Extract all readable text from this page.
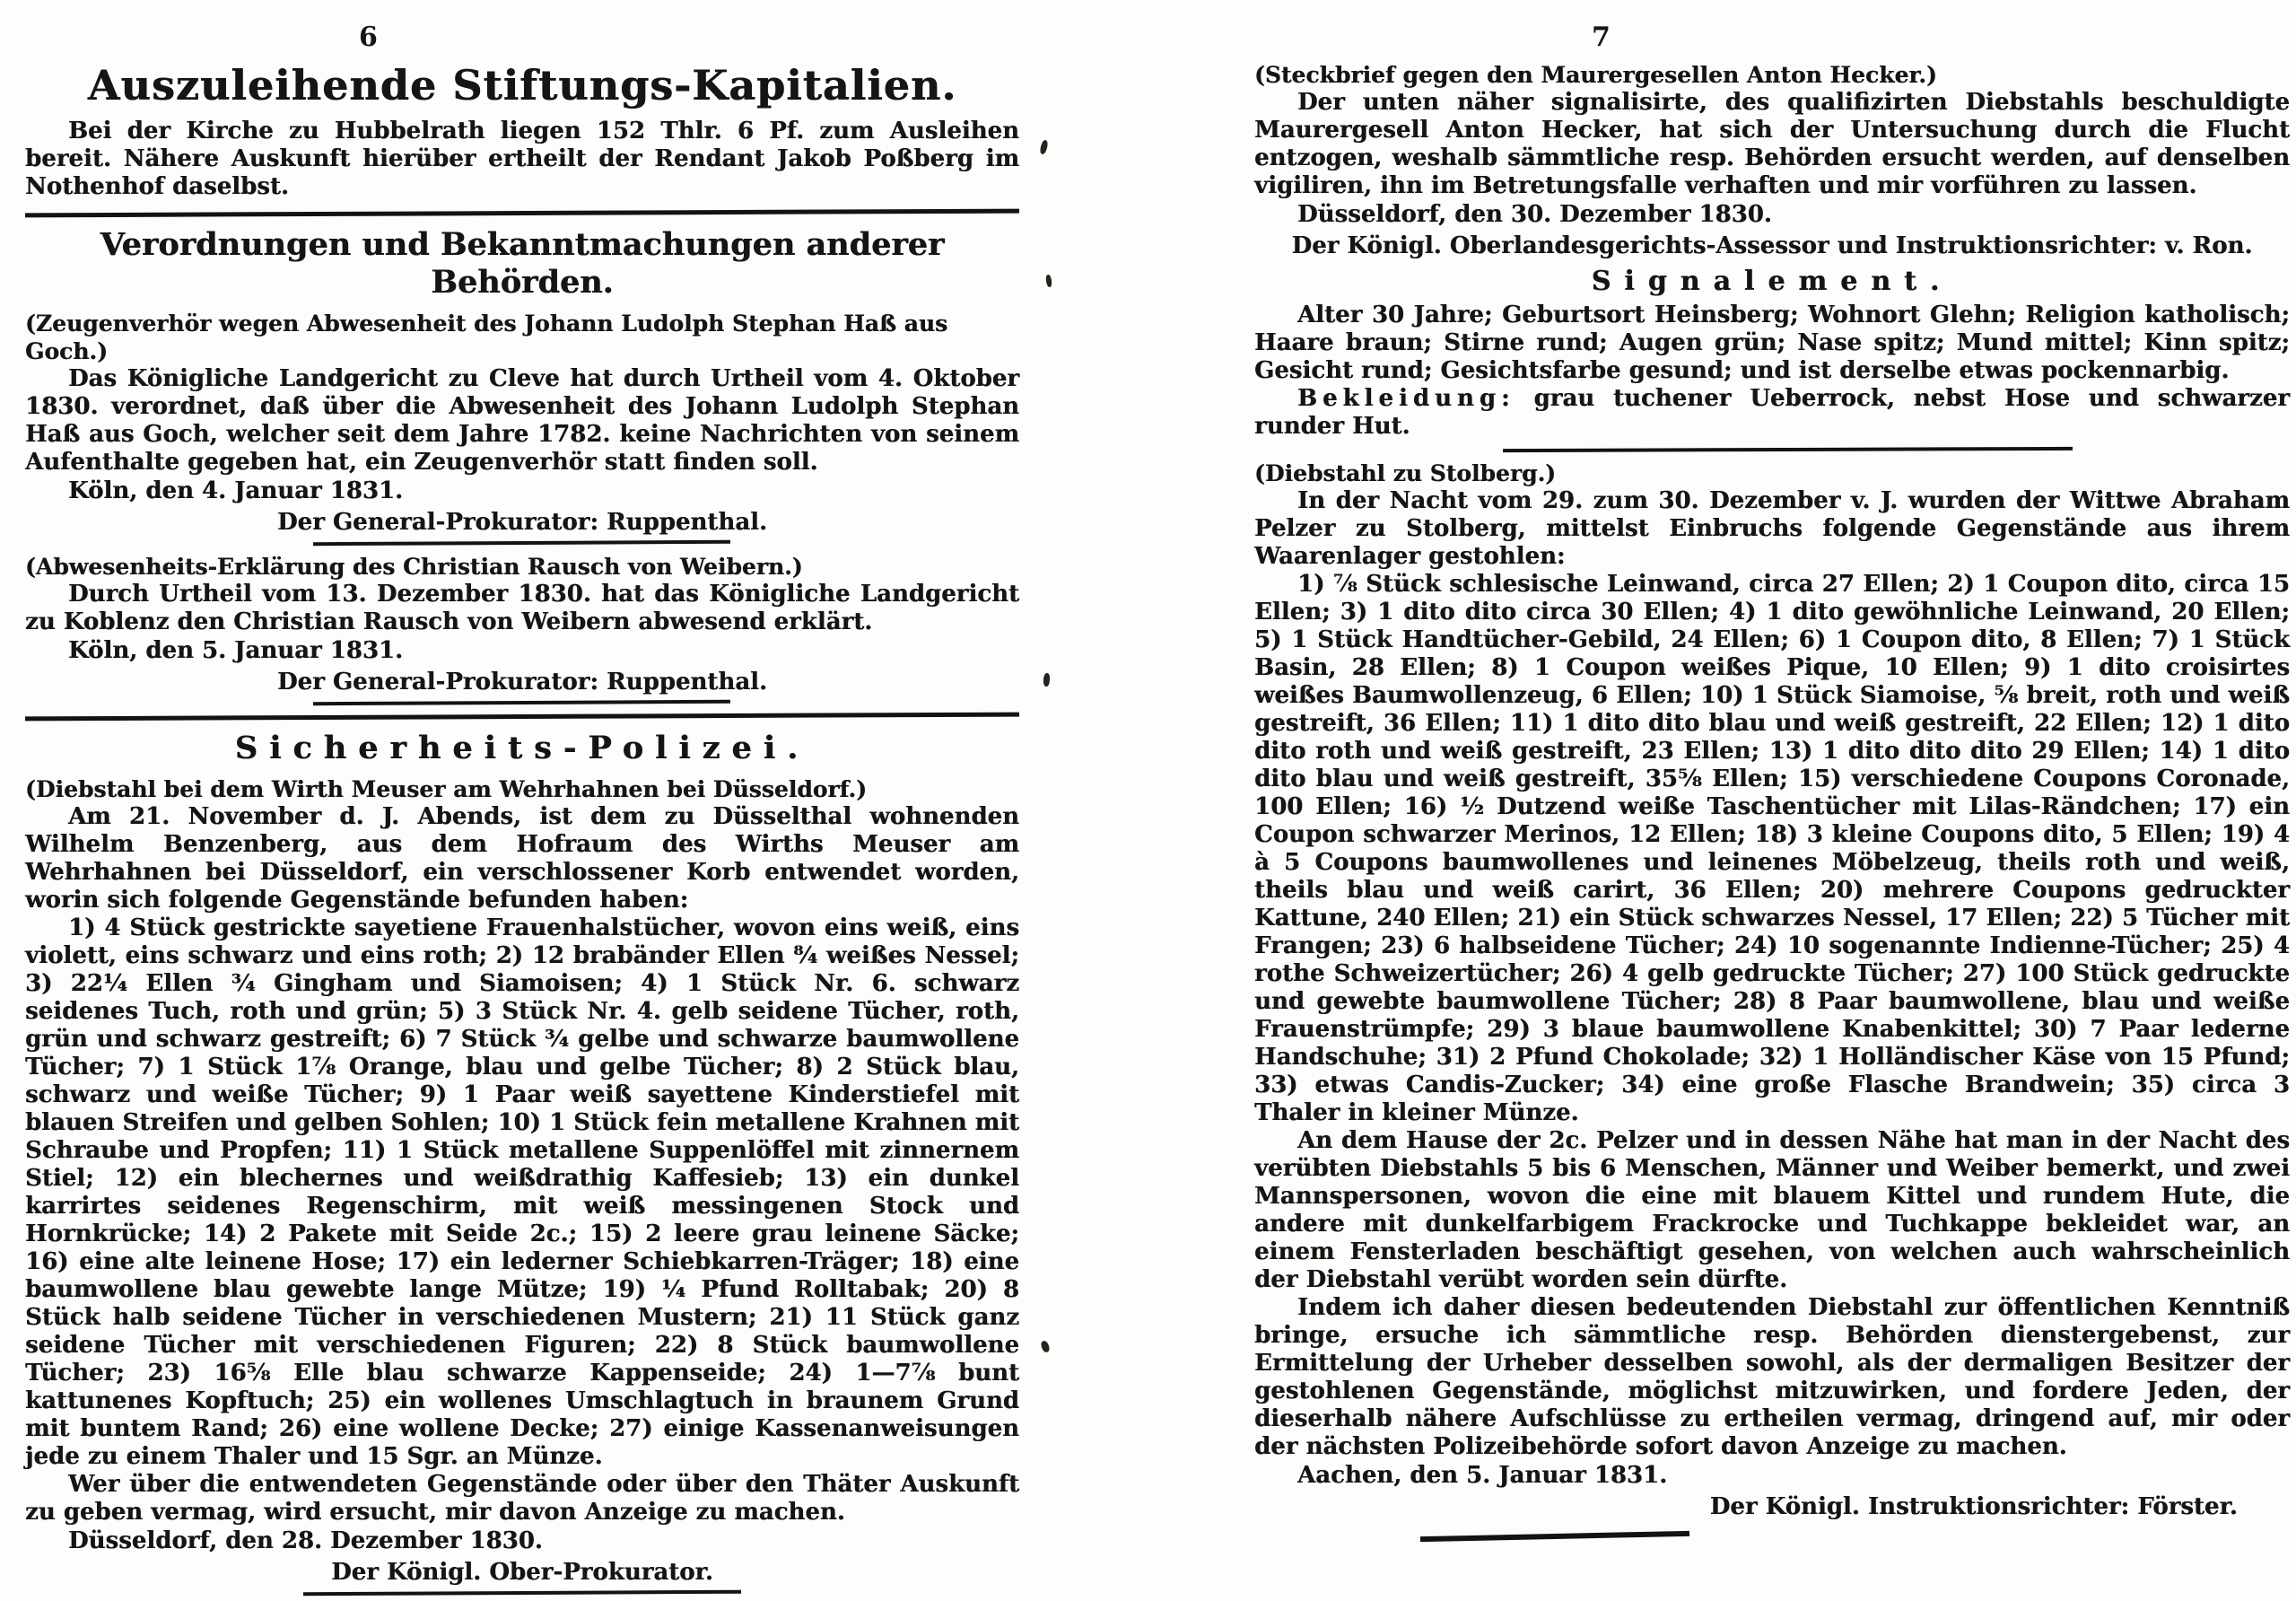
6
Auszuleihende Stiftungs-Kapitalien.

Bei der Kirche zu Hubbelrath liegen 152 Thlr. 6 Pf. zum Ausleihen bereit. Nähere Auskunft hierüber ertheilt der Rendant Jakob Poßberg im Nothenhof daselbst.

Verordnungen und Bekanntmachungen anderer Behörden.

(Zeugenverhör wegen Abwesenheit des Johann Ludolph Stephan Haß aus Goch.)

Das Königliche Landgericht zu Cleve hat durch Urtheil vom 4. Oktober 1830. verordnet, daß über die Abwesenheit des Johann Ludolph Stephan Haß aus Goch, welcher seit dem Jahre 1782. keine Nachrichten von seinem Aufenthalte gegeben hat, ein Zeugenverhör statt finden soll.

Köln, den 4. Januar 1831.

Der General-Prokurator: Ruppenthal.

(Abwesenheits-Erklärung des Christian Rausch von Weibern.)

Durch Urtheil vom 13. Dezember 1830. hat das Königliche Landgericht zu Koblenz den Christian Rausch von Weibern abwesend erklärt.

Köln, den 5. Januar 1831.

Der General-Prokurator: Ruppenthal.

Sicherheits-Polizei.

(Diebstahl bei dem Wirth Meuser am Wehrhahnen bei Düsseldorf.)

Am 21. November d. J. Abends, ist dem zu Düsselthal wohnenden Wilhelm Benzenberg, aus dem Hofraum des Wirths Meuser am Wehrhahnen bei Düsseldorf, ein verschlossener Korb entwendet worden, worin sich folgende Gegenstände befunden haben:

1) 4 Stück gestrickte sayetiene Frauenhalstücher, wovon eins weiß, eins violett, eins schwarz und eins roth; 2) 12 brabänder Ellen ⁸⁄₄ weißes Nessel; 3) 22¼ Ellen ¾ Gingham und Siamoisen; 4) 1 Stück Nr. 6. schwarz seidenes Tuch, roth und grün; 5) 3 Stück Nr. 4. gelb seidene Tücher, roth, grün und schwarz gestreift; 6) 7 Stück ¾ gelbe und schwarze baumwollene Tücher; 7) 1 Stück 1⅞ Orange, blau und gelbe Tücher; 8) 2 Stück blau, schwarz und weiße Tücher; 9) 1 Paar weiß sayettene Kinderstiefel mit blauen Streifen und gelben Sohlen; 10) 1 Stück fein metallene Krahnen mit Schraube und Propfen; 11) 1 Stück metallene Suppenlöffel mit zinnernem Stiel; 12) ein blechernes und weißdrathig Kaffesieb; 13) ein dunkel karrirtes seidenes Regenschirm, mit weiß messingenen Stock und Hornkrücke; 14) 2 Pakete mit Seide 2c.; 15) 2 leere grau leinene Säcke; 16) eine alte leinene Hose; 17) ein lederner Schiebkarren-Träger; 18) eine baumwollene blau gewebte lange Mütze; 19) ¼ Pfund Rolltabak; 20) 8 Stück halb seidene Tücher in verschiedenen Mustern; 21) 11 Stück ganz seidene Tücher mit verschiedenen Figuren; 22) 8 Stück baumwollene Tücher; 23) 16⅝ Elle blau schwarze Kappenseide; 24) 1—7⅞ bunt kattunenes Kopftuch; 25) ein wollenes Umschlagtuch in braunem Grund mit buntem Rand; 26) eine wollene Decke; 27) einige Kassenanweisungen jede zu einem Thaler und 15 Sgr. an Münze.

Wer über die entwendeten Gegenstände oder über den Thäter Auskunft zu geben vermag, wird ersucht, mir davon Anzeige zu machen.

Düsseldorf, den 28. Dezember 1830.

Der Königl. Ober-Prokurator.

7

(Steckbrief gegen den Maurergesellen Anton Hecker.)

Der unten näher signalisirte, des qualifizirten Diebstahls beschuldigte Maurergesell Anton Hecker, hat sich der Untersuchung durch die Flucht entzogen, weshalb sämmtliche resp. Behörden ersucht werden, auf denselben vigiliren, ihn im Betretungsfalle verhaften und mir vorführen zu lassen.

Düsseldorf, den 30. Dezember 1830.

Der Königl. Oberlandesgerichts-Assessor und Instruktionsrichter: v. Ron.

Signalement.

Alter 30 Jahre; Geburtsort Heinsberg; Wohnort Glehn; Religion katholisch; Haare braun; Stirne rund; Augen grün; Nase spitz; Mund mittel; Kinn spitz; Gesicht rund; Gesichtsfarbe gesund; und ist derselbe etwas pockennarbig.

Bekleidung: grau tuchener Ueberrock, nebst Hose und schwarzer runder Hut.

(Diebstahl zu Stolberg.)

In der Nacht vom 29. zum 30. Dezember v. J. wurden der Wittwe Abraham Pelzer zu Stolberg, mittelst Einbruchs folgende Gegenstände aus ihrem Waarenlager gestohlen:

1) ⅞ Stück schlesische Leinwand, circa 27 Ellen; 2) 1 Coupon dito, circa 15 Ellen; 3) 1 dito dito circa 30 Ellen; 4) 1 dito gewöhnliche Leinwand, 20 Ellen; 5) 1 Stück Handtücher-Gebild, 24 Ellen; 6) 1 Coupon dito, 8 Ellen; 7) 1 Stück Basin, 28 Ellen; 8) 1 Coupon weißes Pique, 10 Ellen; 9) 1 dito croisirtes weißes Baumwollenzeug, 6 Ellen; 10) 1 Stück Siamoise, ⅝ breit, roth und weiß gestreift, 36 Ellen; 11) 1 dito dito blau und weiß gestreift, 22 Ellen; 12) 1 dito dito roth und weiß gestreift, 23 Ellen; 13) 1 dito dito dito 29 Ellen; 14) 1 dito dito blau und weiß gestreift, 35⅝ Ellen; 15) verschiedene Coupons Coronade, 100 Ellen; 16) ½ Dutzend weiße Taschentücher mit Lilas-Rändchen; 17) ein Coupon schwarzer Merinos, 12 Ellen; 18) 3 kleine Coupons dito, 5 Ellen; 19) 4 à 5 Coupons baumwollenes und leinenes Möbelzeug, theils roth und weiß, theils blau und weiß carirt, 36 Ellen; 20) mehrere Coupons gedruckter Kattune, 240 Ellen; 21) ein Stück schwarzes Nessel, 17 Ellen; 22) 5 Tücher mit Frangen; 23) 6 halbseidene Tücher; 24) 10 sogenannte Indienne-Tücher; 25) 4 rothe Schweizertücher; 26) 4 gelb gedruckte Tücher; 27) 100 Stück gedruckte und gewebte baumwollene Tücher; 28) 8 Paar baumwollene, blau und weiße Frauenstrümpfe; 29) 3 blaue baumwollene Knabenkittel; 30) 7 Paar lederne Handschuhe; 31) 2 Pfund Chokolade; 32) 1 Holländischer Käse von 15 Pfund; 33) etwas Candis-Zucker; 34) eine große Flasche Brandwein; 35) circa 3 Thaler in kleiner Münze.

An dem Hause der 2c. Pelzer und in dessen Nähe hat man in der Nacht des verübten Diebstahls 5 bis 6 Menschen, Männer und Weiber bemerkt, und zwei Mannspersonen, wovon die eine mit blauem Kittel und rundem Hute, die andere mit dunkelfarbigem Frackrocke und Tuchkappe bekleidet war, an einem Fensterladen beschäftigt gesehen, von welchen auch wahrscheinlich der Diebstahl verübt worden sein dürfte.

Indem ich daher diesen bedeutenden Diebstahl zur öffentlichen Kenntniß bringe, ersuche ich sämmtliche resp. Behörden dienstergebenst, zur Ermittelung der Urheber desselben sowohl, als der dermaligen Besitzer der gestohlenen Gegenstände, möglichst mitzuwirken, und fordere Jeden, der dieserhalb nähere Aufschlüsse zu ertheilen vermag, dringend auf, mir oder der nächsten Polizeibehörde sofort davon Anzeige zu machen.

Aachen, den 5. Januar 1831.

Der Königl. Instruktionsrichter: Förster.
